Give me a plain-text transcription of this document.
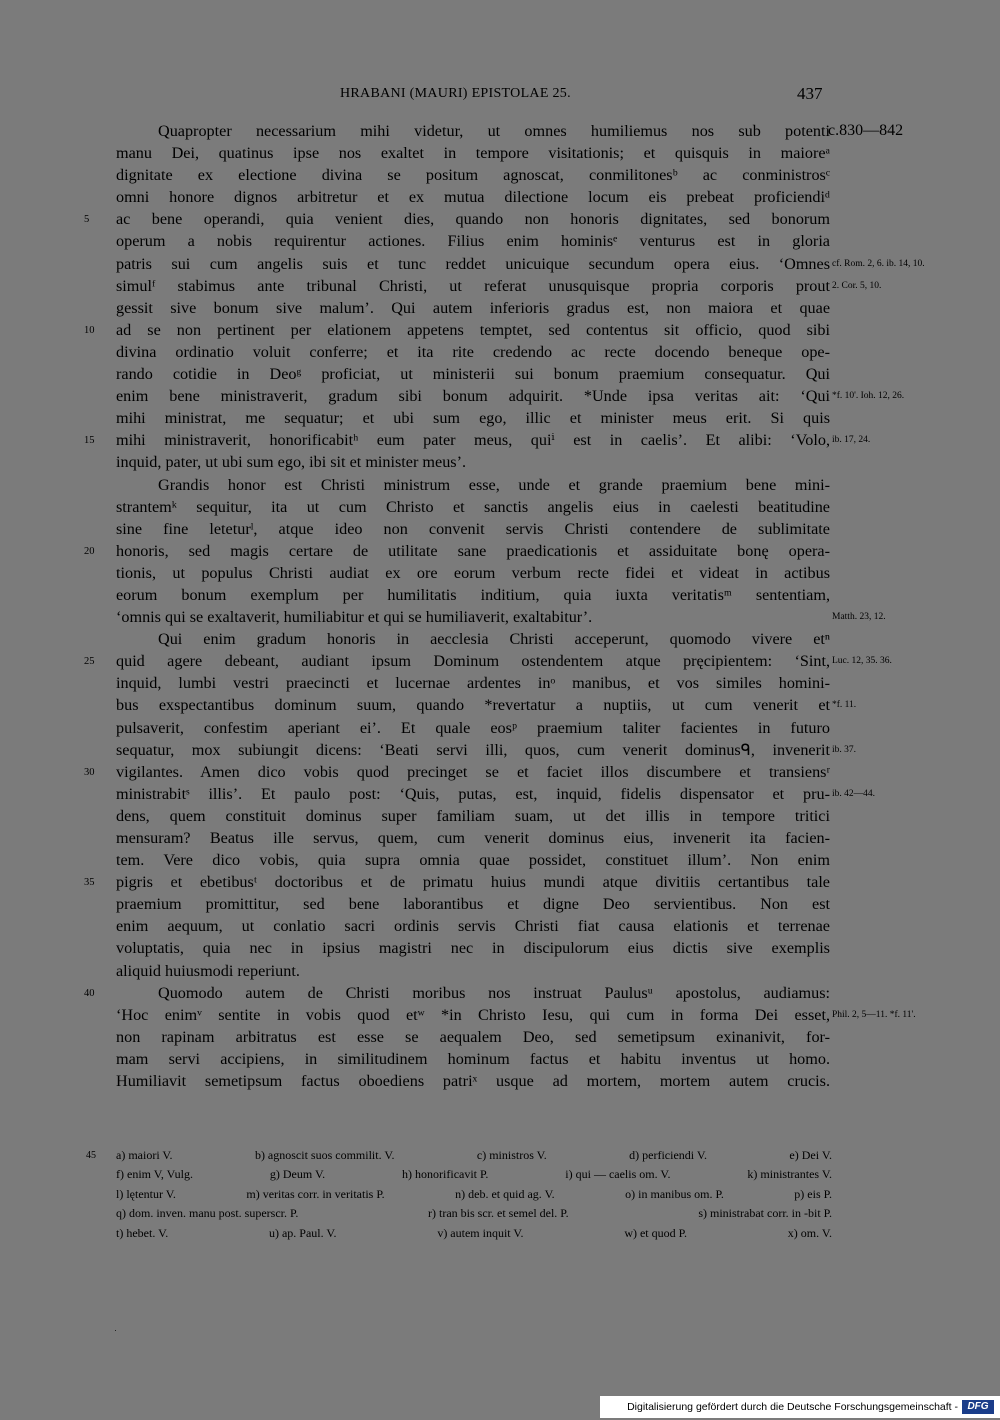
HRABANI (MAURI) EPISTOLAE 25.	437
Quapropter necessarium mihi videtur, ut omnes humiliemus nos sub potenti
c.830—842
manu Dei, quatinus ipse nos exaltet in tempore visitationis; et quisquis in maioreᵃ
dignitate ex electione divina se positum agnoscat, conmilitonesᵇ ac conministrosᶜ
omni honore dignos arbitretur et ex mutua dilectione locum eis prebeat proficiendiᵈ
5	ac bene operandi, quia venient dies, quando non honoris dignitates, sed bonorum
operum a nobis requirentur actiones. Filius enim hominisᵉ venturus est in gloria
patris sui cum angelis suis et tunc reddet unicuique secundum opera eius. ‘Omnes cf. Rom. 2, 6. ib. 14, 10.
simulᶠ stabimus ante tribunal Christi, ut referat unusquisque propria corporis prout 2. Cor. 5, 10.
gessit sive bonum sive malum’. Qui autem inferioris gradus est, non maiora et quae
10	ad se non pertinent per elationem appetens temptet, sed contentus sit officio, quod sibi
divina ordinatio voluit conferre; et ita rite credendo ac recte docendo beneque ope-
rando cotidie in Deoᵍ proficiat, ut ministerii sui bonum praemium consequatur. Qui
enim bene ministraverit, gradum sibi bonum adquirit. *Unde ipsa veritas ait: ‘Qui *f. 10'. Ioh. 12, 26.
mihi ministrat, me sequatur; et ubi sum ego, illic et minister meus erit. Si quis
15	mihi ministraverit, honorificabitʰ eum pater meus, quiⁱ est in caelis’. Et alibi: ‘Volo, ib. 17, 24.
inquid, pater, ut ubi sum ego, ibi sit et minister meus’.
Grandis honor est Christi ministrum esse, unde et grande praemium bene mini-
strantemᵏ sequitur, ita ut cum Christo et sanctis angelis eius in caelesti beatitudine
sine fine leteturˡ, atque ideo non convenit servis Christi contendere de sublimitate
20	honoris, sed magis certare de utilitate sane praedicationis et assiduitate bonę opera-
tionis, ut populus Christi audiat ex ore eorum verbum recte fidei et videat in actibus
eorum bonum exemplum per humilitatis inditium, quia iuxta veritatisᵐ sententiam,
‘omnis qui se exaltaverit, humiliabitur et qui se humiliaverit, exaltabitur’.	Matth. 23, 12.
Qui enim gradum honoris in aecclesia Christi acceperunt, quomodo vivere etⁿ
25	quid agere debeant, audiant ipsum Dominum ostendentem atque pręcipientem: ‘Sint, Luc. 12, 35. 36.
inquid, lumbi vestri praecincti et lucernae ardentes inᵒ manibus, et vos similes homini-
bus exspectantibus dominum suum, quando *revertatur a nuptiis, ut cum venerit et *f. 11.
pulsaverit, confestim aperiant ei’. Et quale eosᵖ praemium taliter facientes in futuro
sequatur, mox subiungit dicens: ‘Beati servi illi, quos, cum venerit dominusᑫ, invenerit ib. 37.
30	vigilantes. Amen dico vobis quod precinget se et faciet illos discumbere et transiensʳ
ministrabitˢ illis’. Et paulo post: ‘Quis, putas, est, inquid, fidelis dispensator et pru- ib. 42—44.
dens, quem constituit dominus super familiam suam, ut det illis in tempore tritici
mensuram? Beatus ille servus, quem, cum venerit dominus eius, invenerit ita facien-
tem. Vere dico vobis, quia supra omnia quae possidet, constituet illum’. Non enim
35	pigris et ebetibusᵗ doctoribus et de primatu huius mundi atque divitiis certantibus tale
praemium promittitur, sed bene laborantibus et digne Deo servientibus. Non est
enim aequum, ut conlatio sacri ordinis servis Christi fiat causa elationis et terrenae
voluptatis, quia nec in ipsius magistri nec in discipulorum eius dictis sive exemplis
aliquid huiusmodi reperiunt.
40	Quomodo autem de Christi moribus nos instruat Paulusᵘ apostolus, audiamus:
‘Hoc enimᵛ sentite in vobis quod etʷ *in Christo Iesu, qui cum in forma Dei esset, Phil. 2, 5—11. *f. 11'.
non rapinam arbitratus est esse se aequalem Deo, sed semetipsum exinanivit, for-
mam servi accipiens, in similitudinem hominum factus et habitu inventus ut homo.
Humiliavit semetipsum factus oboediens patriˣ usque ad mortem, mortem autem crucis.
45 a) maiori V.	b) agnoscit suos commilit. V.	c) ministros V.	d) perficiendi V.	e) Dei V.
f) enim V, Vulg.	g) Deum V.	h) honorificavit P.	i) qui — caelis om. V.	k) ministrantes V.
l) lętentur V.	m) veritas corr. in veritatis P.	n) deb. et quid ag. V.	o) in manibus om. P.	p) eis P.
q) dom. inven. manu post. superscr. P.	r) tran bis scr. et semel del. P.	s) ministrabat corr. in -bit P.
t) hebet. V.	u) ap. Paul. V.	v) autem inquit V.	w) et quod P.	x) om. V.
Digitalisierung gefördert durch die Deutsche Forschungsgemeinschaft - DFG
